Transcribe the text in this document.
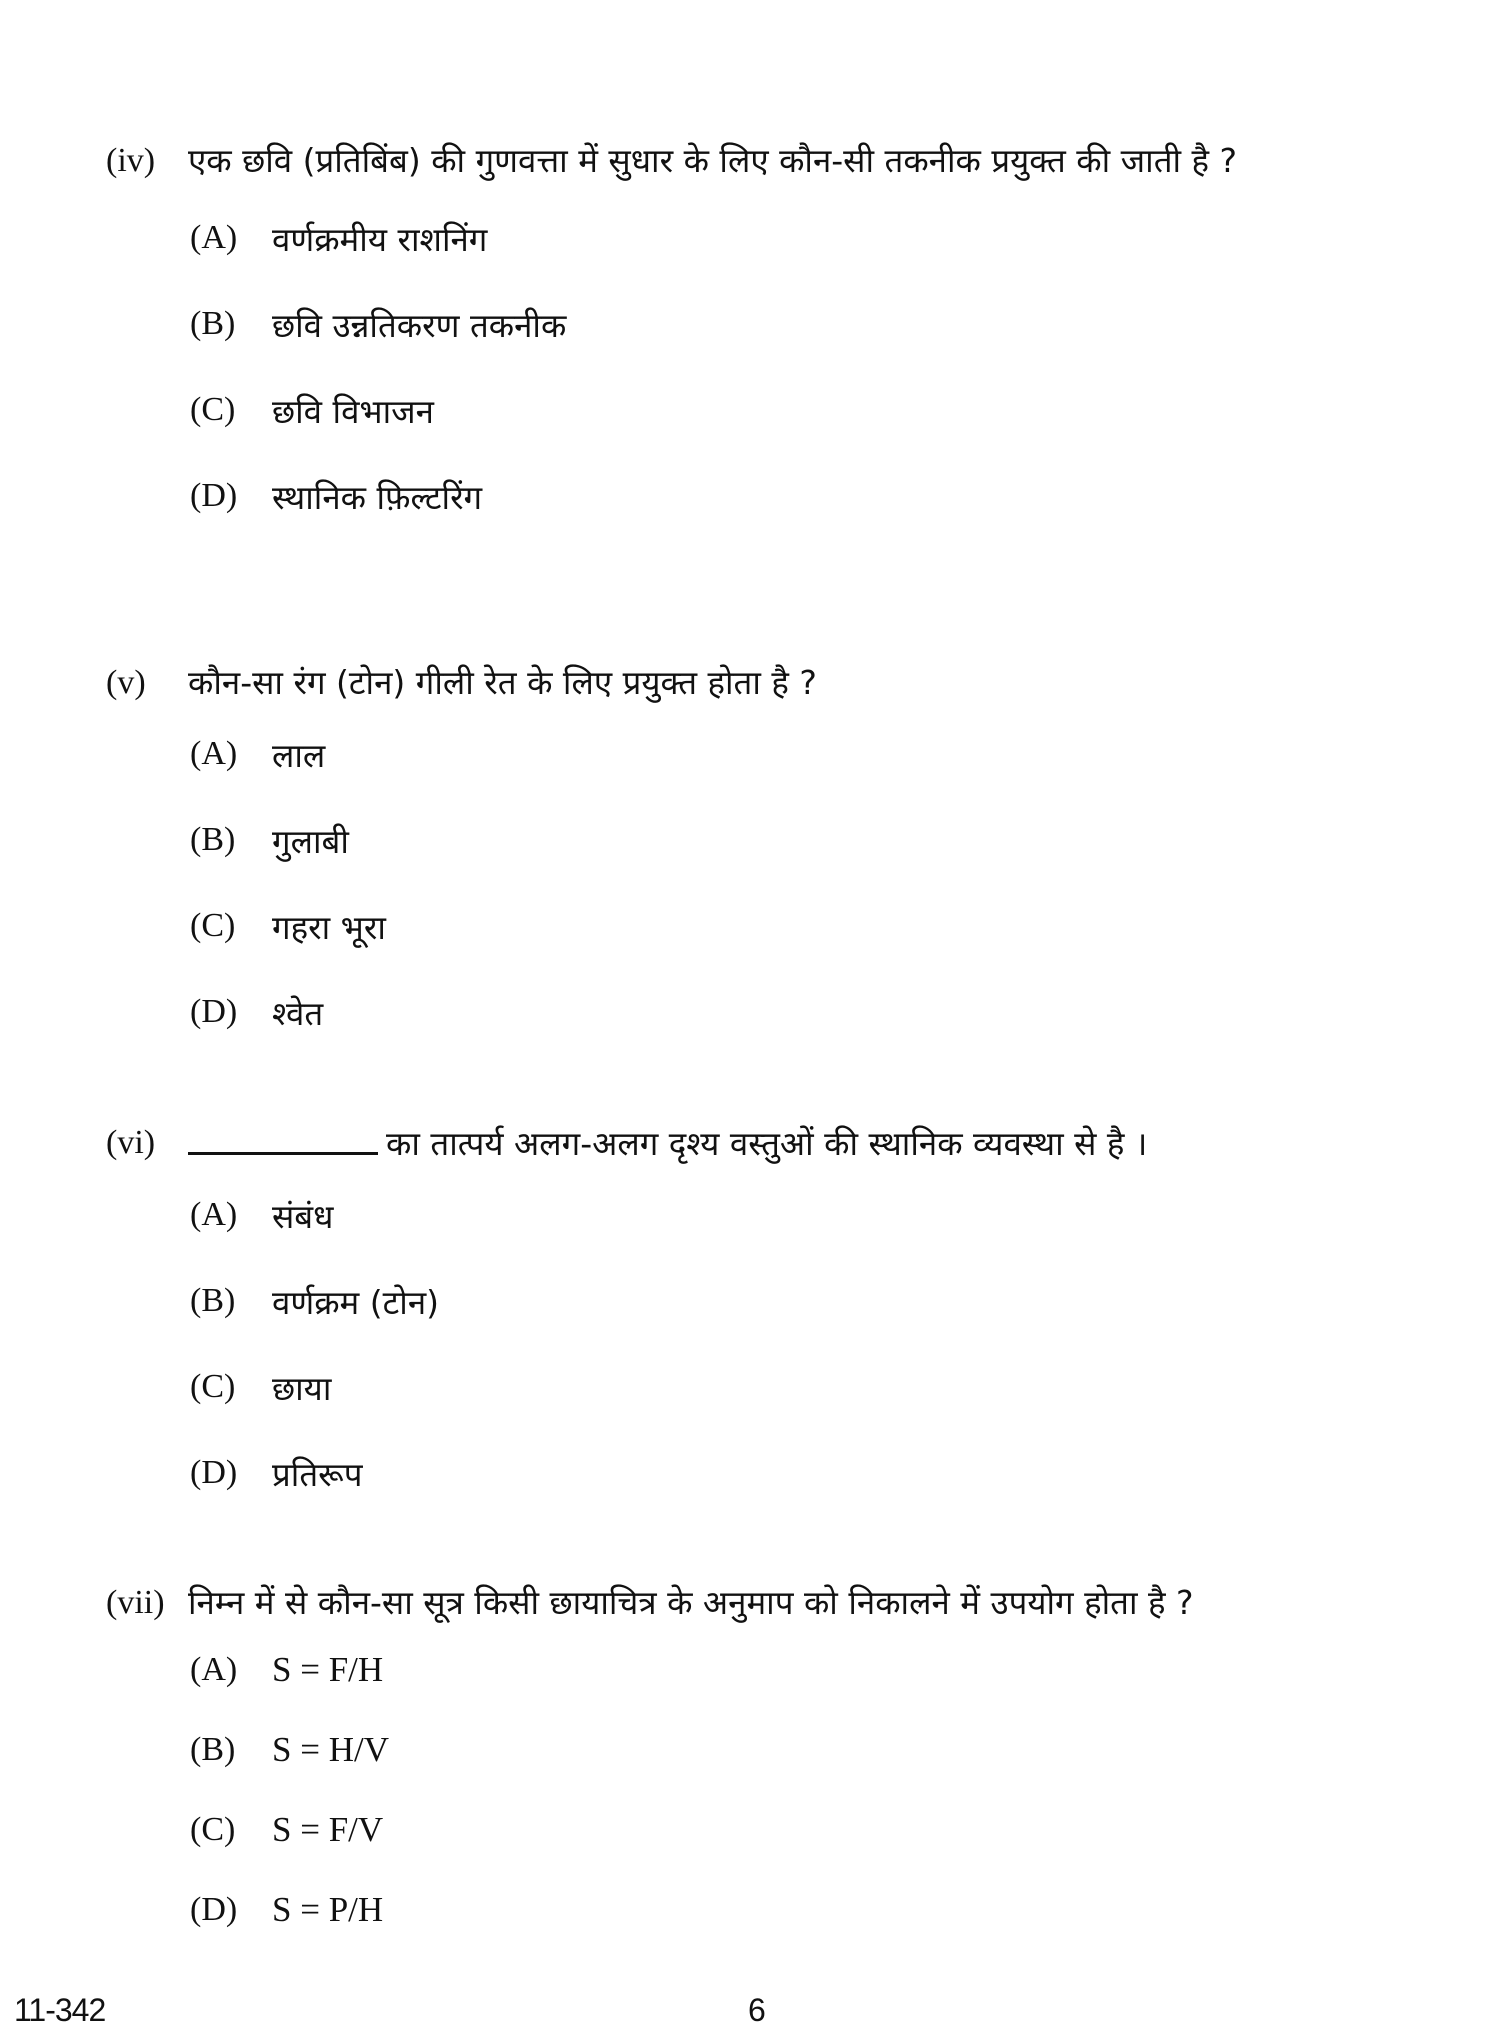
(iv) एक छवि (प्रतिबिंब) की गुणवत्ता में सुधार के लिए कौन-सी तकनीक प्रयुक्त की जाती है ?
(A)	वर्णक्रमीय राशनिंग
(B)	छवि उन्नतिकरण तकनीक
(C)	छवि विभाजन
(D)	स्थानिक फ़िल्टरिंग
(v)	कौन-सा रंग (टोन) गीली रेत के लिए प्रयुक्त होता है ?
(A)	लाल
(B)	गुलाबी
(C)	गहरा भूरा
(D)	श्वेत
(vi)	का तात्पर्य अलग-अलग दृश्य वस्तुओं की स्थानिक व्यवस्था से है ।
(A)	संबंध
(B)	वर्णक्रम (टोन)
(C)	छाया
(D)	प्रतिरूप
(vii) निम्न में से कौन-सा सूत्र किसी छायाचित्र के अनुमाप को निकालने में उपयोग होता है ?
(A) S = F/H
(B)	S = H/V
(C)	S = F/V
(D) S = P/H
11-342	6
